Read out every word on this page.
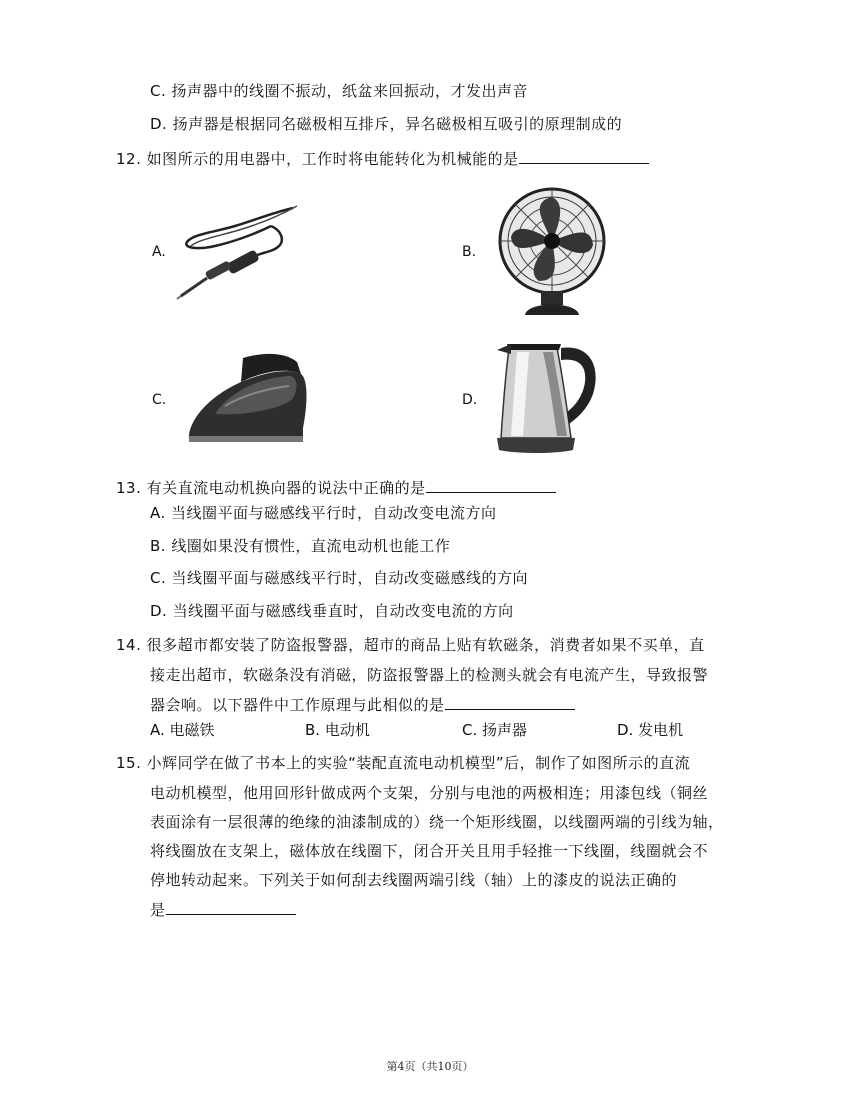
C. 扬声器中的线圈不振动，纸盆来回振动，才发出声音
D. 扬声器是根据同名磁极相互排斥，异名磁极相互吸引的原理制成的
12. 如图所示的用电器中，工作时将电能转化为机械能的是
A.	B.
C.	D.
13. 有关直流电动机换向器的说法中正确的是
A. 当线圈平面与磁感线平行时，自动改变电流方向
B. 线圈如果没有惯性，直流电动机也能工作
C. 当线圈平面与磁感线平行时，自动改变磁感线的方向
D. 当线圈平面与磁感线垂直时，自动改变电流的方向
14. 很多超市都安装了防盗报警器，超市的商品上贴有软磁条，消费者如果不买单，直
接走出超市，软磁条没有消磁，防盗报警器上的检测头就会有电流产生，导致报警
器会响。以下器件中工作原理与此相似的是
A. 电磁铁	B. 电动机	C. 扬声器	D. 发电机
15. 小辉同学在做了书本上的实验“装配直流电动机模型”后，制作了如图所示的直流
电动机模型，他用回形针做成两个支架，分别与电池的两极相连；用漆包线（铜丝
表面涂有一层很薄的绝缘的油漆制成的）绕一个矩形线圈，以线圈两端的引线为轴，
将线圈放在支架上，磁体放在线圈下，闭合开关且用手轻推一下线圈，线圈就会不
停地转动起来。下列关于如何刮去线圈两端引线（轴）上的漆皮的说法正确的
是
第4页（共10页）
